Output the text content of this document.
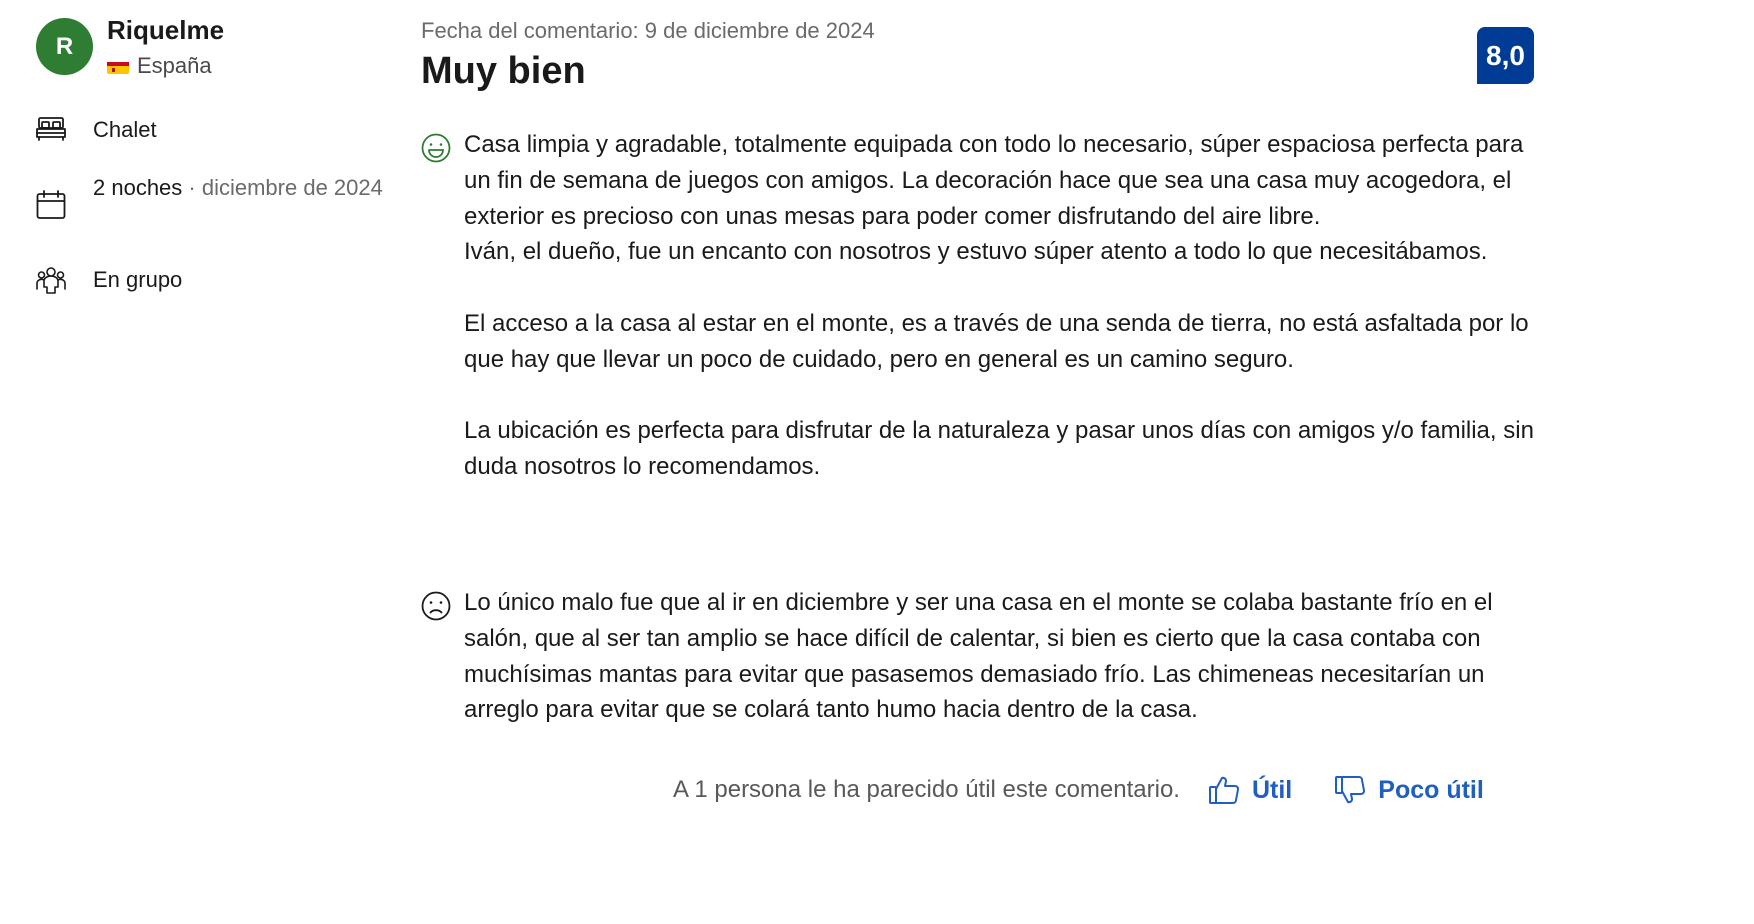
R
Riquelme
España
Chalet
2 noches · diciembre de 2024
En grupo
Fecha del comentario: 9 de diciembre de 2024
Muy bien	8,0

Casa limpia y agradable, totalmente equipada con todo lo necesario, súper espaciosa perfecta para un fin de semana de juegos con amigos. La decoración hace que sea una casa muy acogedora, el exterior es precioso con unas mesas para poder comer disfrutando del aire libre.

Iván, el dueño, fue un encanto con nosotros y estuvo súper atento a todo lo que necesitábamos.

El acceso a la casa al estar en el monte, es a través de una senda de tierra, no está asfaltada por lo que hay que llevar un poco de cuidado, pero en general es un camino seguro.

La ubicación es perfecta para disfrutar de la naturaleza y pasar unos días con amigos y/o familia, sin duda nosotros lo recomendamos.

Lo único malo fue que al ir en diciembre y ser una casa en el monte se colaba bastante frío en el salón, que al ser tan amplio se hace difícil de calentar, si bien es cierto que la casa contaba con muchísimas mantas para evitar que pasasemos demasiado frío. Las chimeneas necesitarían un arreglo para evitar que se colará tanto humo hacia dentro de la casa.

A 1 persona le ha parecido útil este comentario.	Útil	Poco útil
